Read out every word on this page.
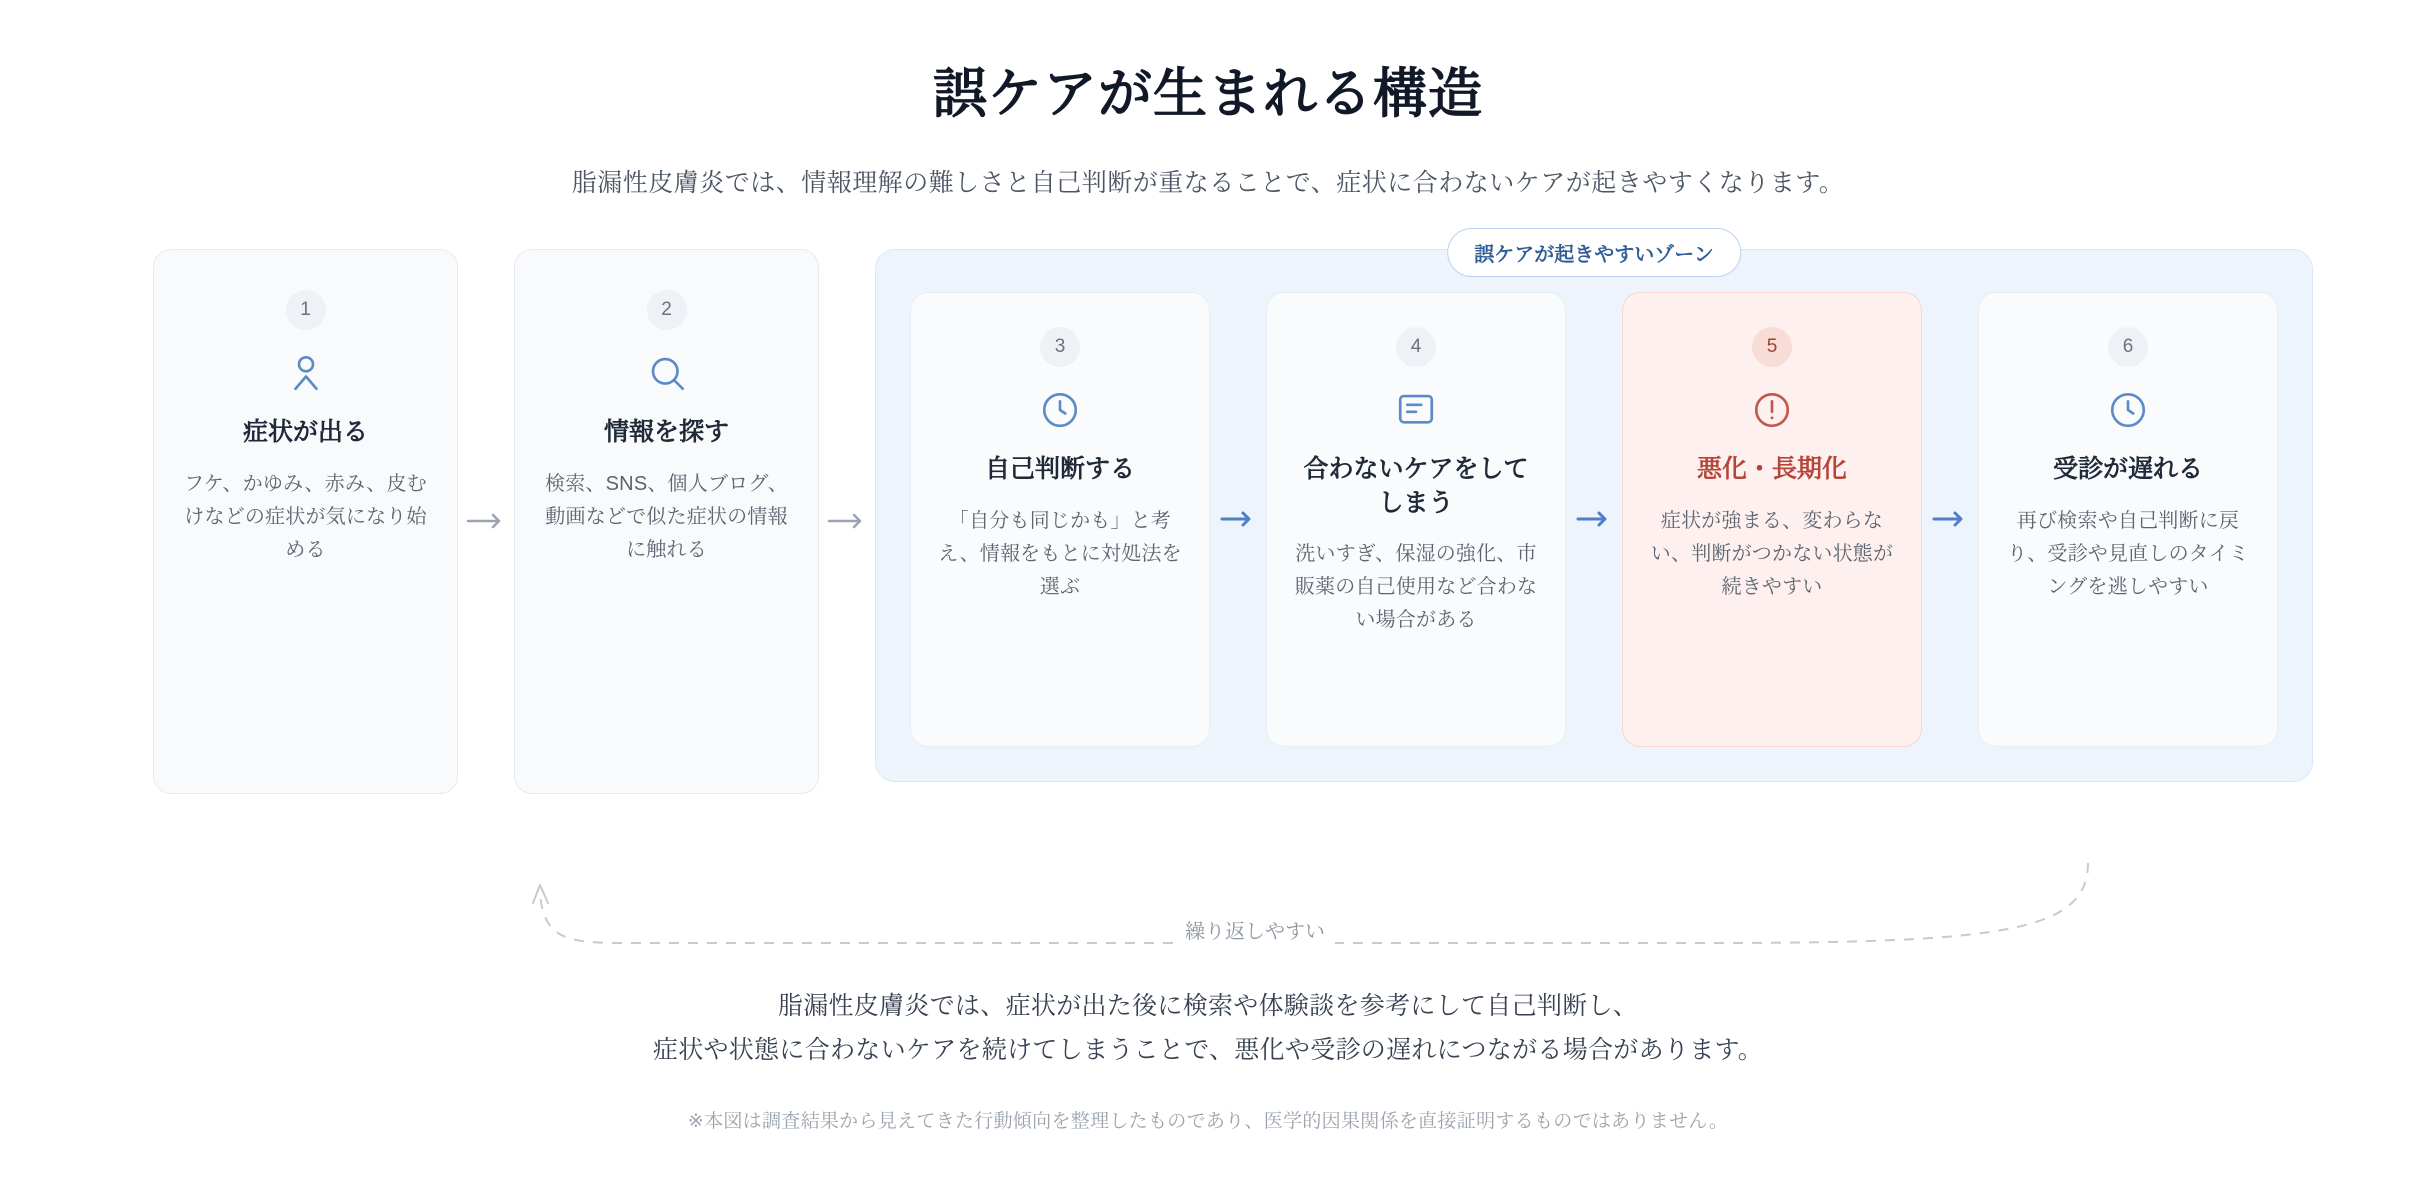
誤ケアが生まれる構造

脂漏性皮膚炎では、情報理解の難しさと自己判断が重なることで、症状に合わないケアが起きやすくなります。

1
症状が出る
フケ、かゆみ、赤み、皮むけなどの症状が気になり始める
2
情報を探す
検索、SNS、個人ブログ、動画などで似た症状の情報に触れる
誤ケアが起きやすいゾーン
3
自己判断する
「自分も同じかも」と考え、情報をもとに対処法を選ぶ
4
合わないケアをしてしまう
洗いすぎ、保湿の強化、市販薬の自己使用など合わない場合がある
5
悪化・長期化
症状が強まる、変わらない、判断がつかない状態が続きやすい
6
受診が遅れる
再び検索や自己判断に戻り、受診や見直しのタイミングを逃しやすい
繰り返しやすい

脂漏性皮膚炎では、症状が出た後に検索や体験談を参考にして自己判断し、

症状や状態に合わないケアを続けてしまうことで、悪化や受診の遅れにつながる場合があります。

※本図は調査結果から見えてきた行動傾向を整理したものであり、医学的因果関係を直接証明するものではありません。
